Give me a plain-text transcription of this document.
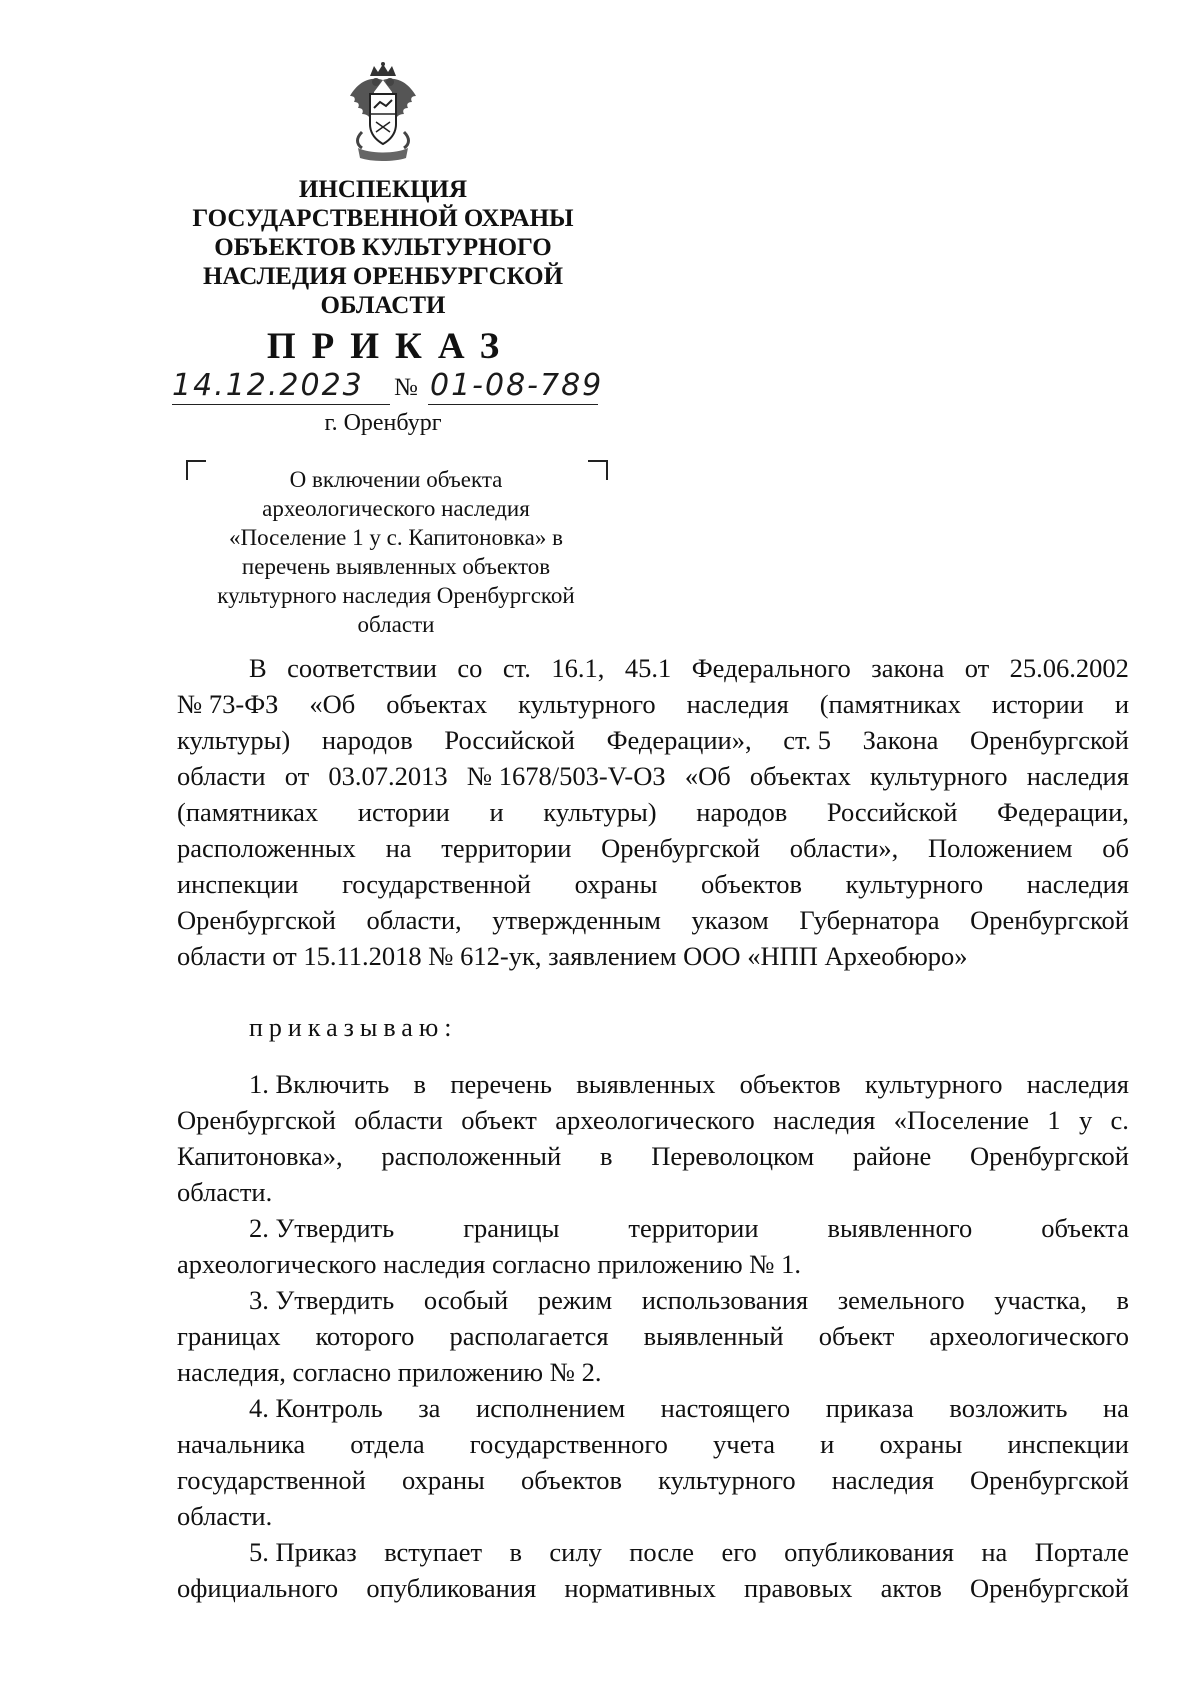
ИНСПЕКЦИЯ
ГОСУДАРСТВЕННОЙ ОХРАНЫ
ОБЪЕКТОВ КУЛЬТУРНОГО
НАСЛЕДИЯ ОРЕНБУРГСКОЙ
ОБЛАСТИ
ПРИКАЗ
14.12.2023 № 01-08-789
г. Оренбург
О включении объекта
археологического наследия
«Поселение 1 у с. Капитоновка» в
перечень выявленных объектов
культурного наследия Оренбургской
области
В соответствии со ст. 16.1, 45.1 Федерального закона от 25.06.2002
№ 73-ФЗ «Об объектах культурного наследия (памятниках истории и
культуры) народов Российской Федерации», ст. 5 Закона Оренбургской
области от 03.07.2013 № 1678/503-V-ОЗ «Об объектах культурного наследия
(памятниках истории и культуры) народов Российской Федерации,
расположенных на территории Оренбургской области», Положением об
инспекции государственной охраны объектов культурного наследия
Оренбургской области, утвержденным указом Губернатора Оренбургской
области от 15.11.2018 № 612-ук, заявлением ООО «НПП Археобюро»
приказываю:
1. Включить в перечень выявленных объектов культурного наследия
Оренбургской области объект археологического наследия «Поселение 1 у с.
Капитоновка», расположенный в Переволоцком районе Оренбургской
области.
2. Утвердить	границы	территории	выявленного	объекта
археологического наследия согласно приложению № 1.
3. Утвердить особый режим использования земельного участка, в
границах которого располагается выявленный объект археологического
наследия, согласно приложению № 2.
4. Контроль за исполнением настоящего приказа возложить на
начальника отдела государственного учета и охраны инспекции
государственной охраны объектов культурного наследия Оренбургской
области.
5. Приказ вступает в силу после его опубликования на Портале
официального опубликования нормативных правовых актов Оренбургской
